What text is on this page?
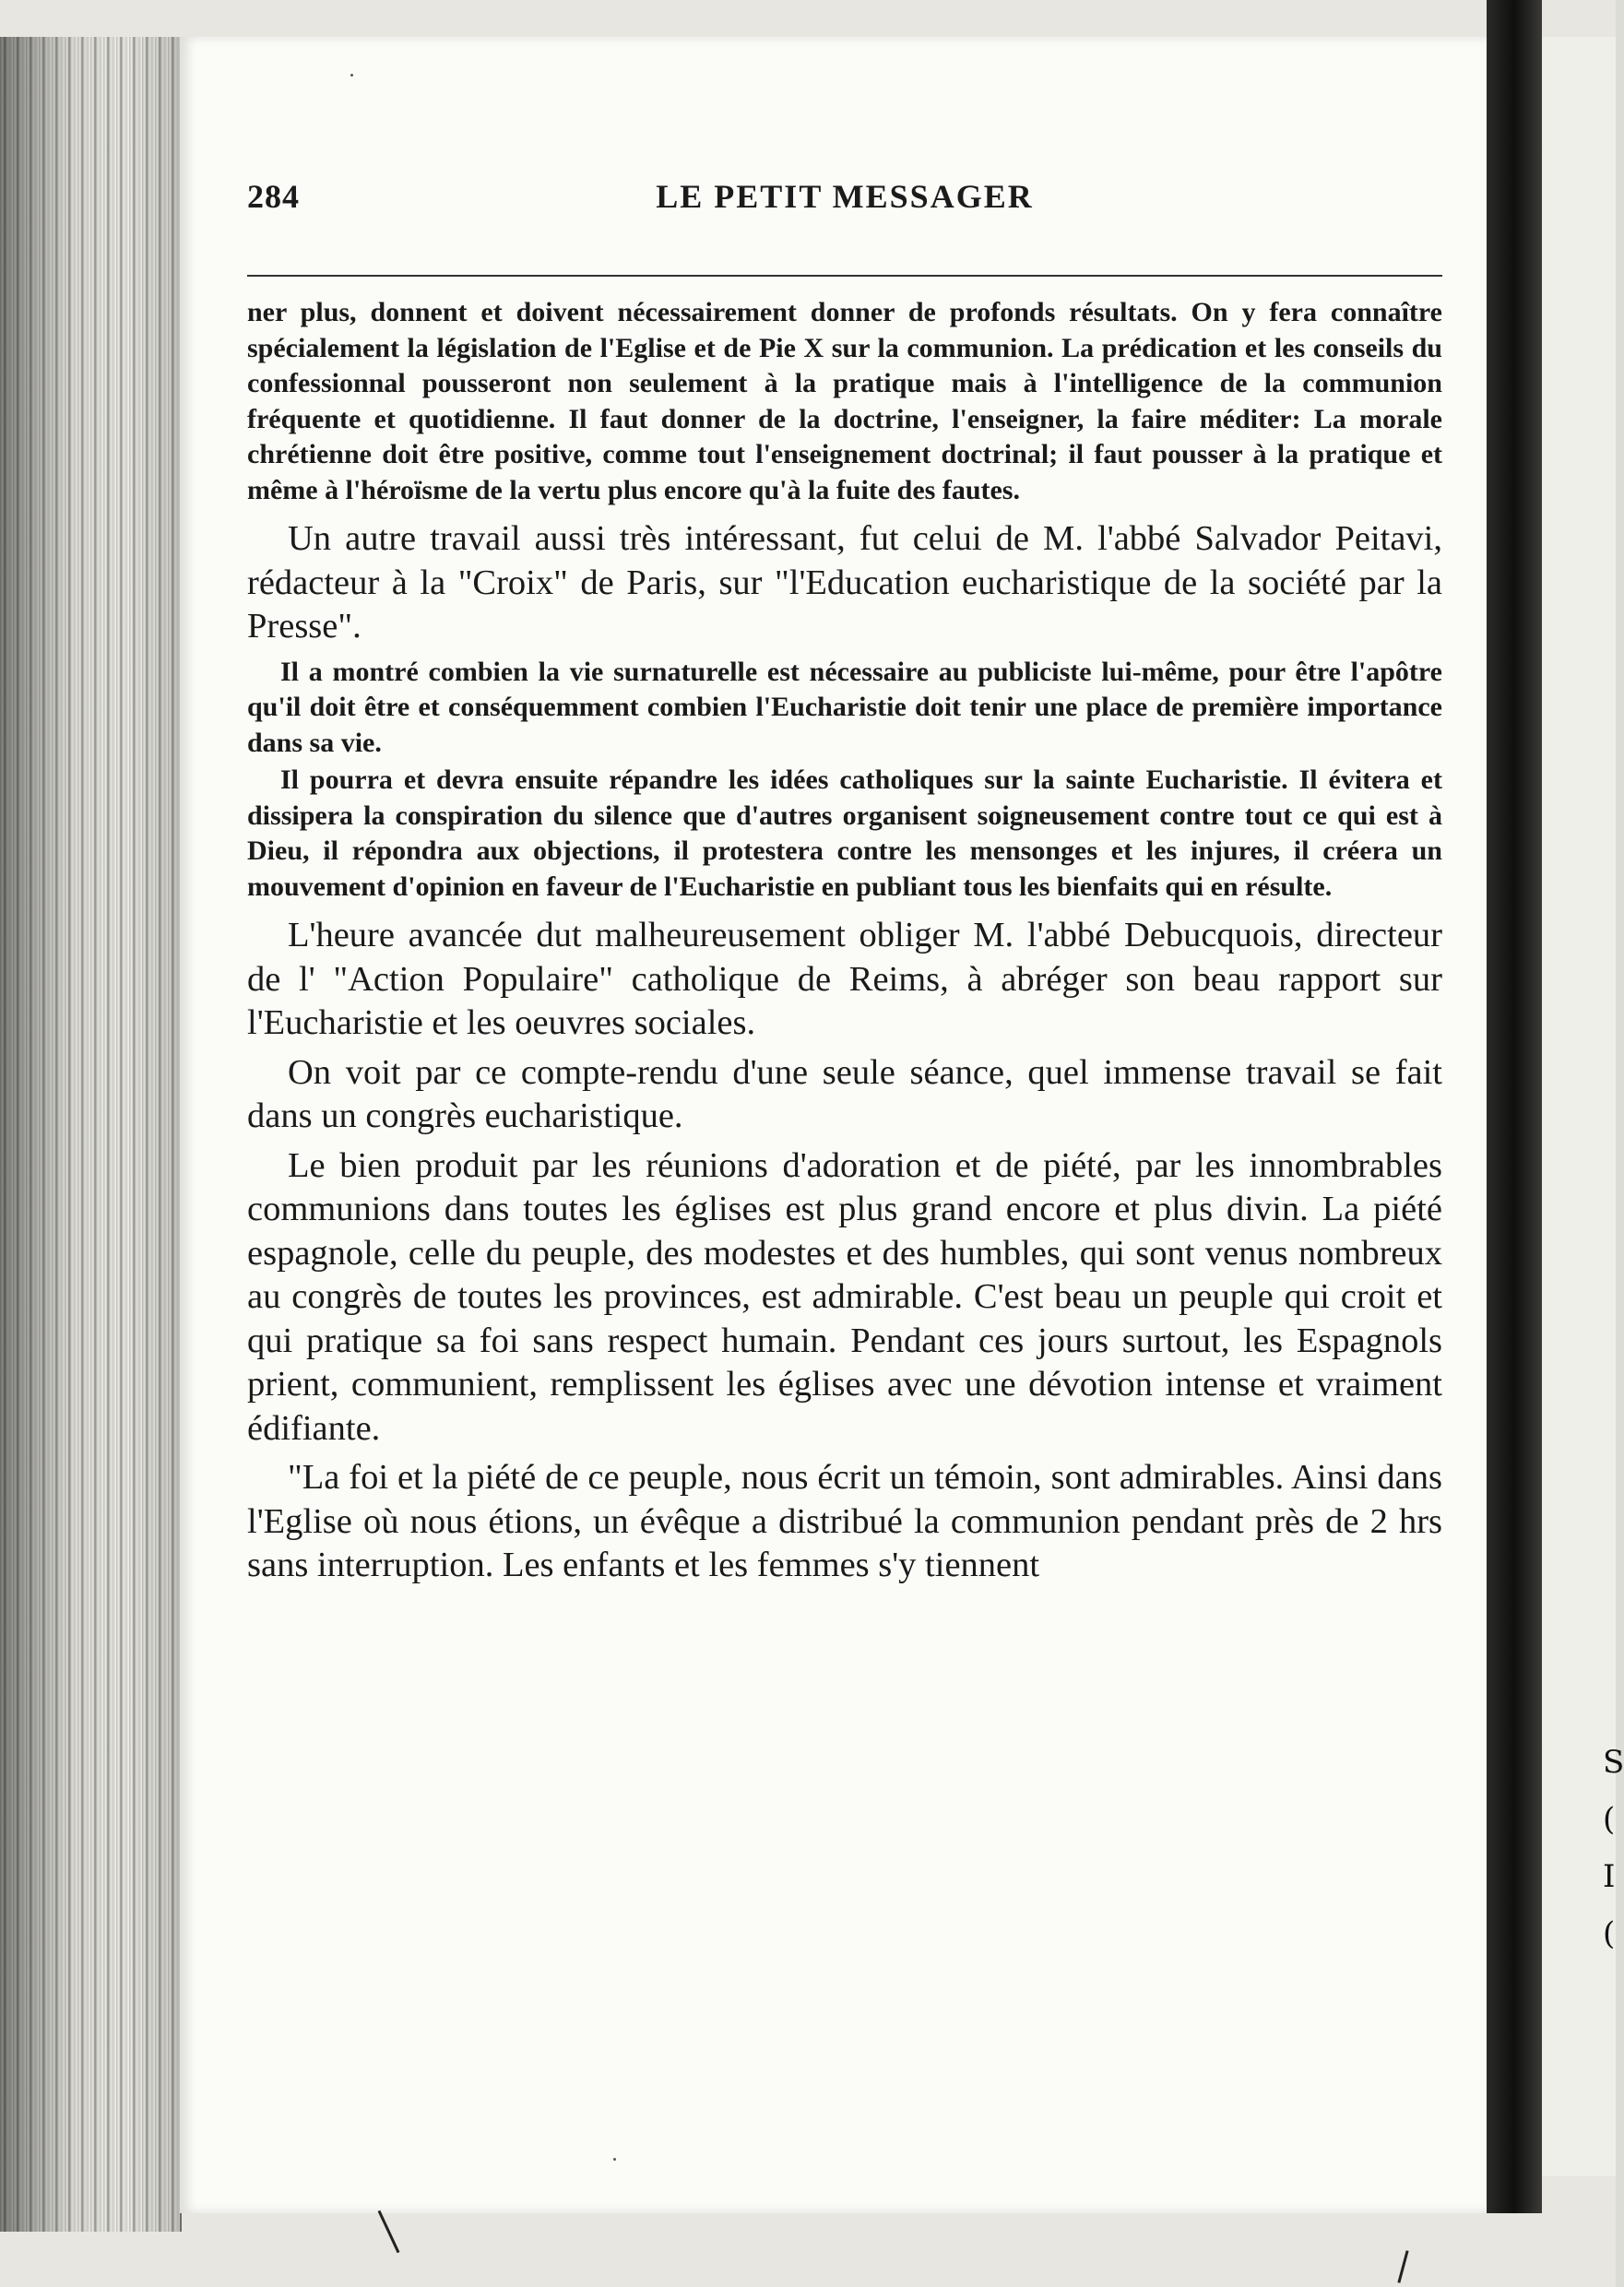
S
(
I
(
284	LE PETIT MESSAGER

ner plus, donnent et doivent nécessairement donner de profonds résultats. On y fera connaître spécialement la législation de l'Eglise et de Pie X sur la communion. La prédication et les conseils du confessionnal pousseront non seulement à la pratique mais à l'intelligence de la communion fréquente et quotidienne. Il faut donner de la doctrine, l'enseigner, la faire méditer: La morale chrétienne doit être positive, comme tout l'enseignement doctrinal; il faut pousser à la pratique et même à l'héroïsme de la vertu plus encore qu'à la fuite des fautes.

Un autre travail aussi très intéressant, fut celui de M. l'abbé Salvador Peitavi, rédacteur à la "Croix" de Paris, sur "l'Education eucharistique de la société par la Presse".

Il a montré combien la vie surnaturelle est nécessaire au publiciste lui-même, pour être l'apôtre qu'il doit être et conséquemment combien l'Eucharistie doit tenir une place de première importance dans sa vie.

Il pourra et devra ensuite répandre les idées catholiques sur la sainte Eucharistie. Il évitera et dissipera la conspiration du silence que d'autres organisent soigneusement contre tout ce qui est à Dieu, il répondra aux objections, il protestera contre les mensonges et les injures, il créera un mouvement d'opinion en faveur de l'Eucharistie en publiant tous les bienfaits qui en résulte.

L'heure avancée dut malheureusement obliger M. l'abbé Debucquois, directeur de l' "Action Populaire" catholique de Reims, à abréger son beau rapport sur l'Eucharistie et les oeuvres sociales.

On voit par ce compte-rendu d'une seule séance, quel immense travail se fait dans un congrès eucharistique.

Le bien produit par les réunions d'adoration et de piété, par les innombrables communions dans toutes les églises est plus grand encore et plus divin. La piété espagnole, celle du peuple, des modestes et des humbles, qui sont venus nombreux au congrès de toutes les provinces, est admirable. C'est beau un peuple qui croit et qui pratique sa foi sans respect humain. Pendant ces jours surtout, les Espagnols prient, communient, remplissent les églises avec une dévotion intense et vraiment édifiante.

"La foi et la piété de ce peuple, nous écrit un témoin, sont admirables. Ainsi dans l'Eglise où nous étions, un évêque a distribué la communion pendant près de 2 hrs sans interruption. Les enfants et les femmes s'y tiennent
